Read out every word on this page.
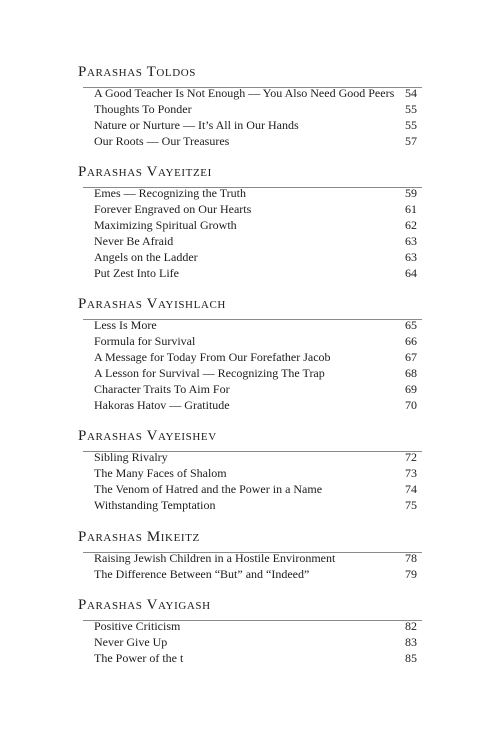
Parashas Toldos
A Good Teacher Is Not Enough — You Also Need Good Peers 54
Thoughts To Ponder	55
Nature or Nurture — It’s All in Our Hands	55
Our Roots — Our Treasures	57
Parashas Vayeitzei
Emes — Recognizing the Truth	59
Forever Engraved on Our Hearts	61
Maximizing Spiritual Growth	62
Never Be Afraid	63
Angels on the Ladder	63
Put Zest Into Life	64
Parashas Vayishlach
Less Is More	65
Formula for Survival	66
A Message for Today From Our Forefather Jacob	67
A Lesson for Survival — Recognizing The Trap	68
Character Traits To Aim For	69
Hakoras Hatov — Gratitude	70
Parashas Vayeishev
Sibling Rivalry	72
The Many Faces of Shalom	73
The Venom of Hatred and the Power in a Name	74
Withstanding Temptation	75
Parashas Mikeitz
Raising Jewish Children in a Hostile Environment	78
The Difference Between “But” and “Indeed”	79
Parashas Vayigash
Positive Criticism	82
Never Give Up	83
The Power of the t	85
